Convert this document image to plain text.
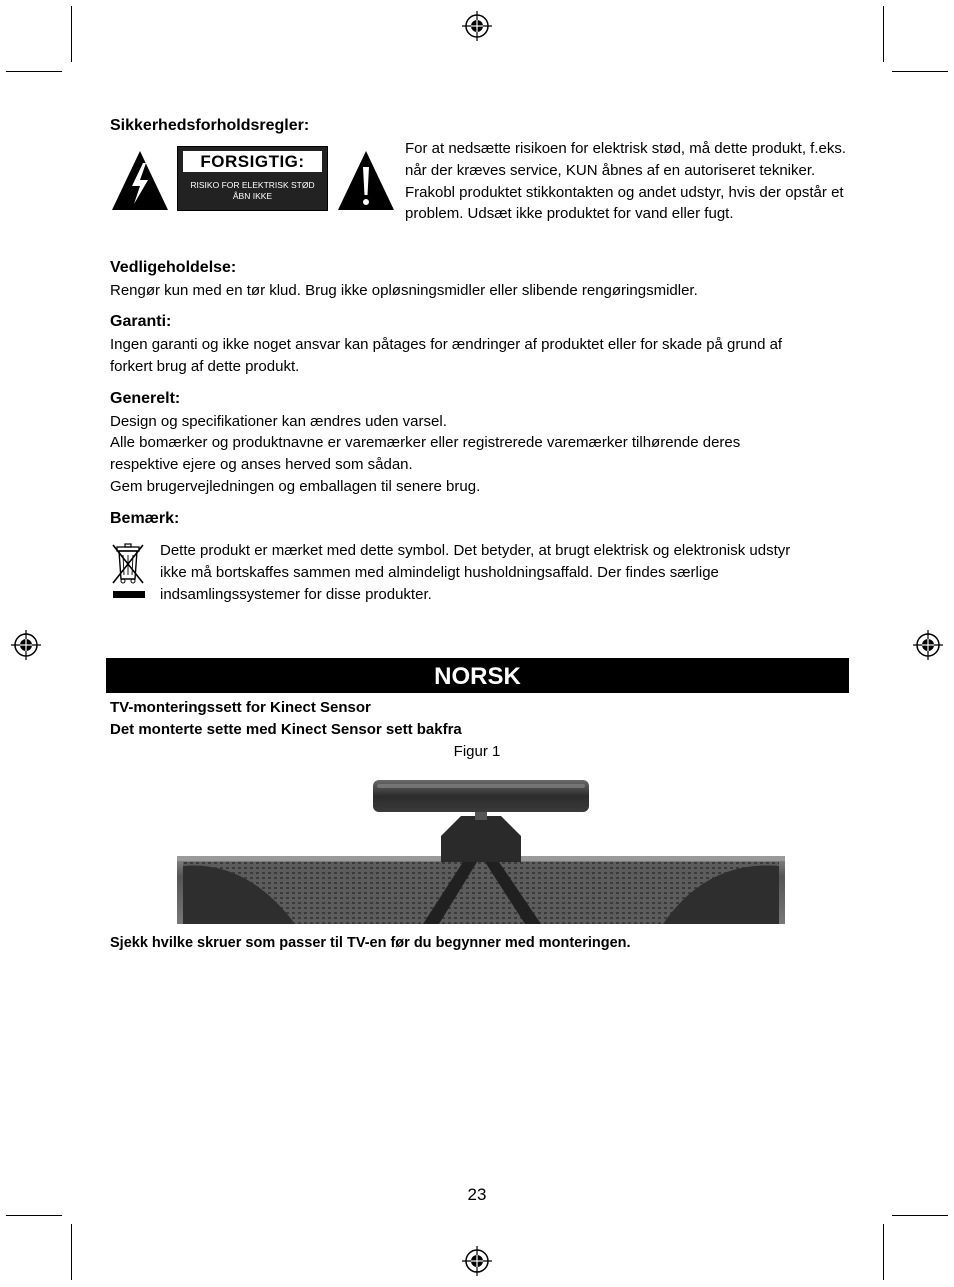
Sikkerhedsforholdsregler:
FORSIGTIG:
RISIKO FOR ELEKTRISK STØD
ÅBN IKKE
For at nedsætte risikoen for elektrisk stød, må dette produkt, f.eks. når der kræves service, KUN åbnes af en autoriseret tekniker. Frakobl produktet stikkontakten og andet udstyr, hvis der opstår et problem. Udsæt ikke produktet for vand eller fugt.
Vedligeholdelse:
Rengør kun med en tør klud. Brug ikke opløsningsmidler eller slibende rengøringsmidler.
Garanti:
Ingen garanti og ikke noget ansvar kan påtages for ændringer af produktet eller for skade på grund af
forkert brug af dette produkt.
Generelt:
Design og specifikationer kan ændres uden varsel.
Alle bomærker og produktnavne er varemærker eller registrerede varemærker tilhørende deres
respektive ejere og anses herved som sådan.
Gem brugervejledningen og emballagen til senere brug.
Bemærk:
Dette produkt er mærket med dette symbol. Det betyder, at brugt elektrisk og elektronisk udstyr
ikke må bortskaffes sammen med almindeligt husholdningsaffald. Der findes særlige
indsamlingssystemer for disse produkter.
NORSK
TV-monteringssett for Kinect Sensor
Det monterte sette med Kinect Sensor sett bakfra
Figur 1
Sjekk hvilke skruer som passer til TV-en før du begynner med monteringen.
23
